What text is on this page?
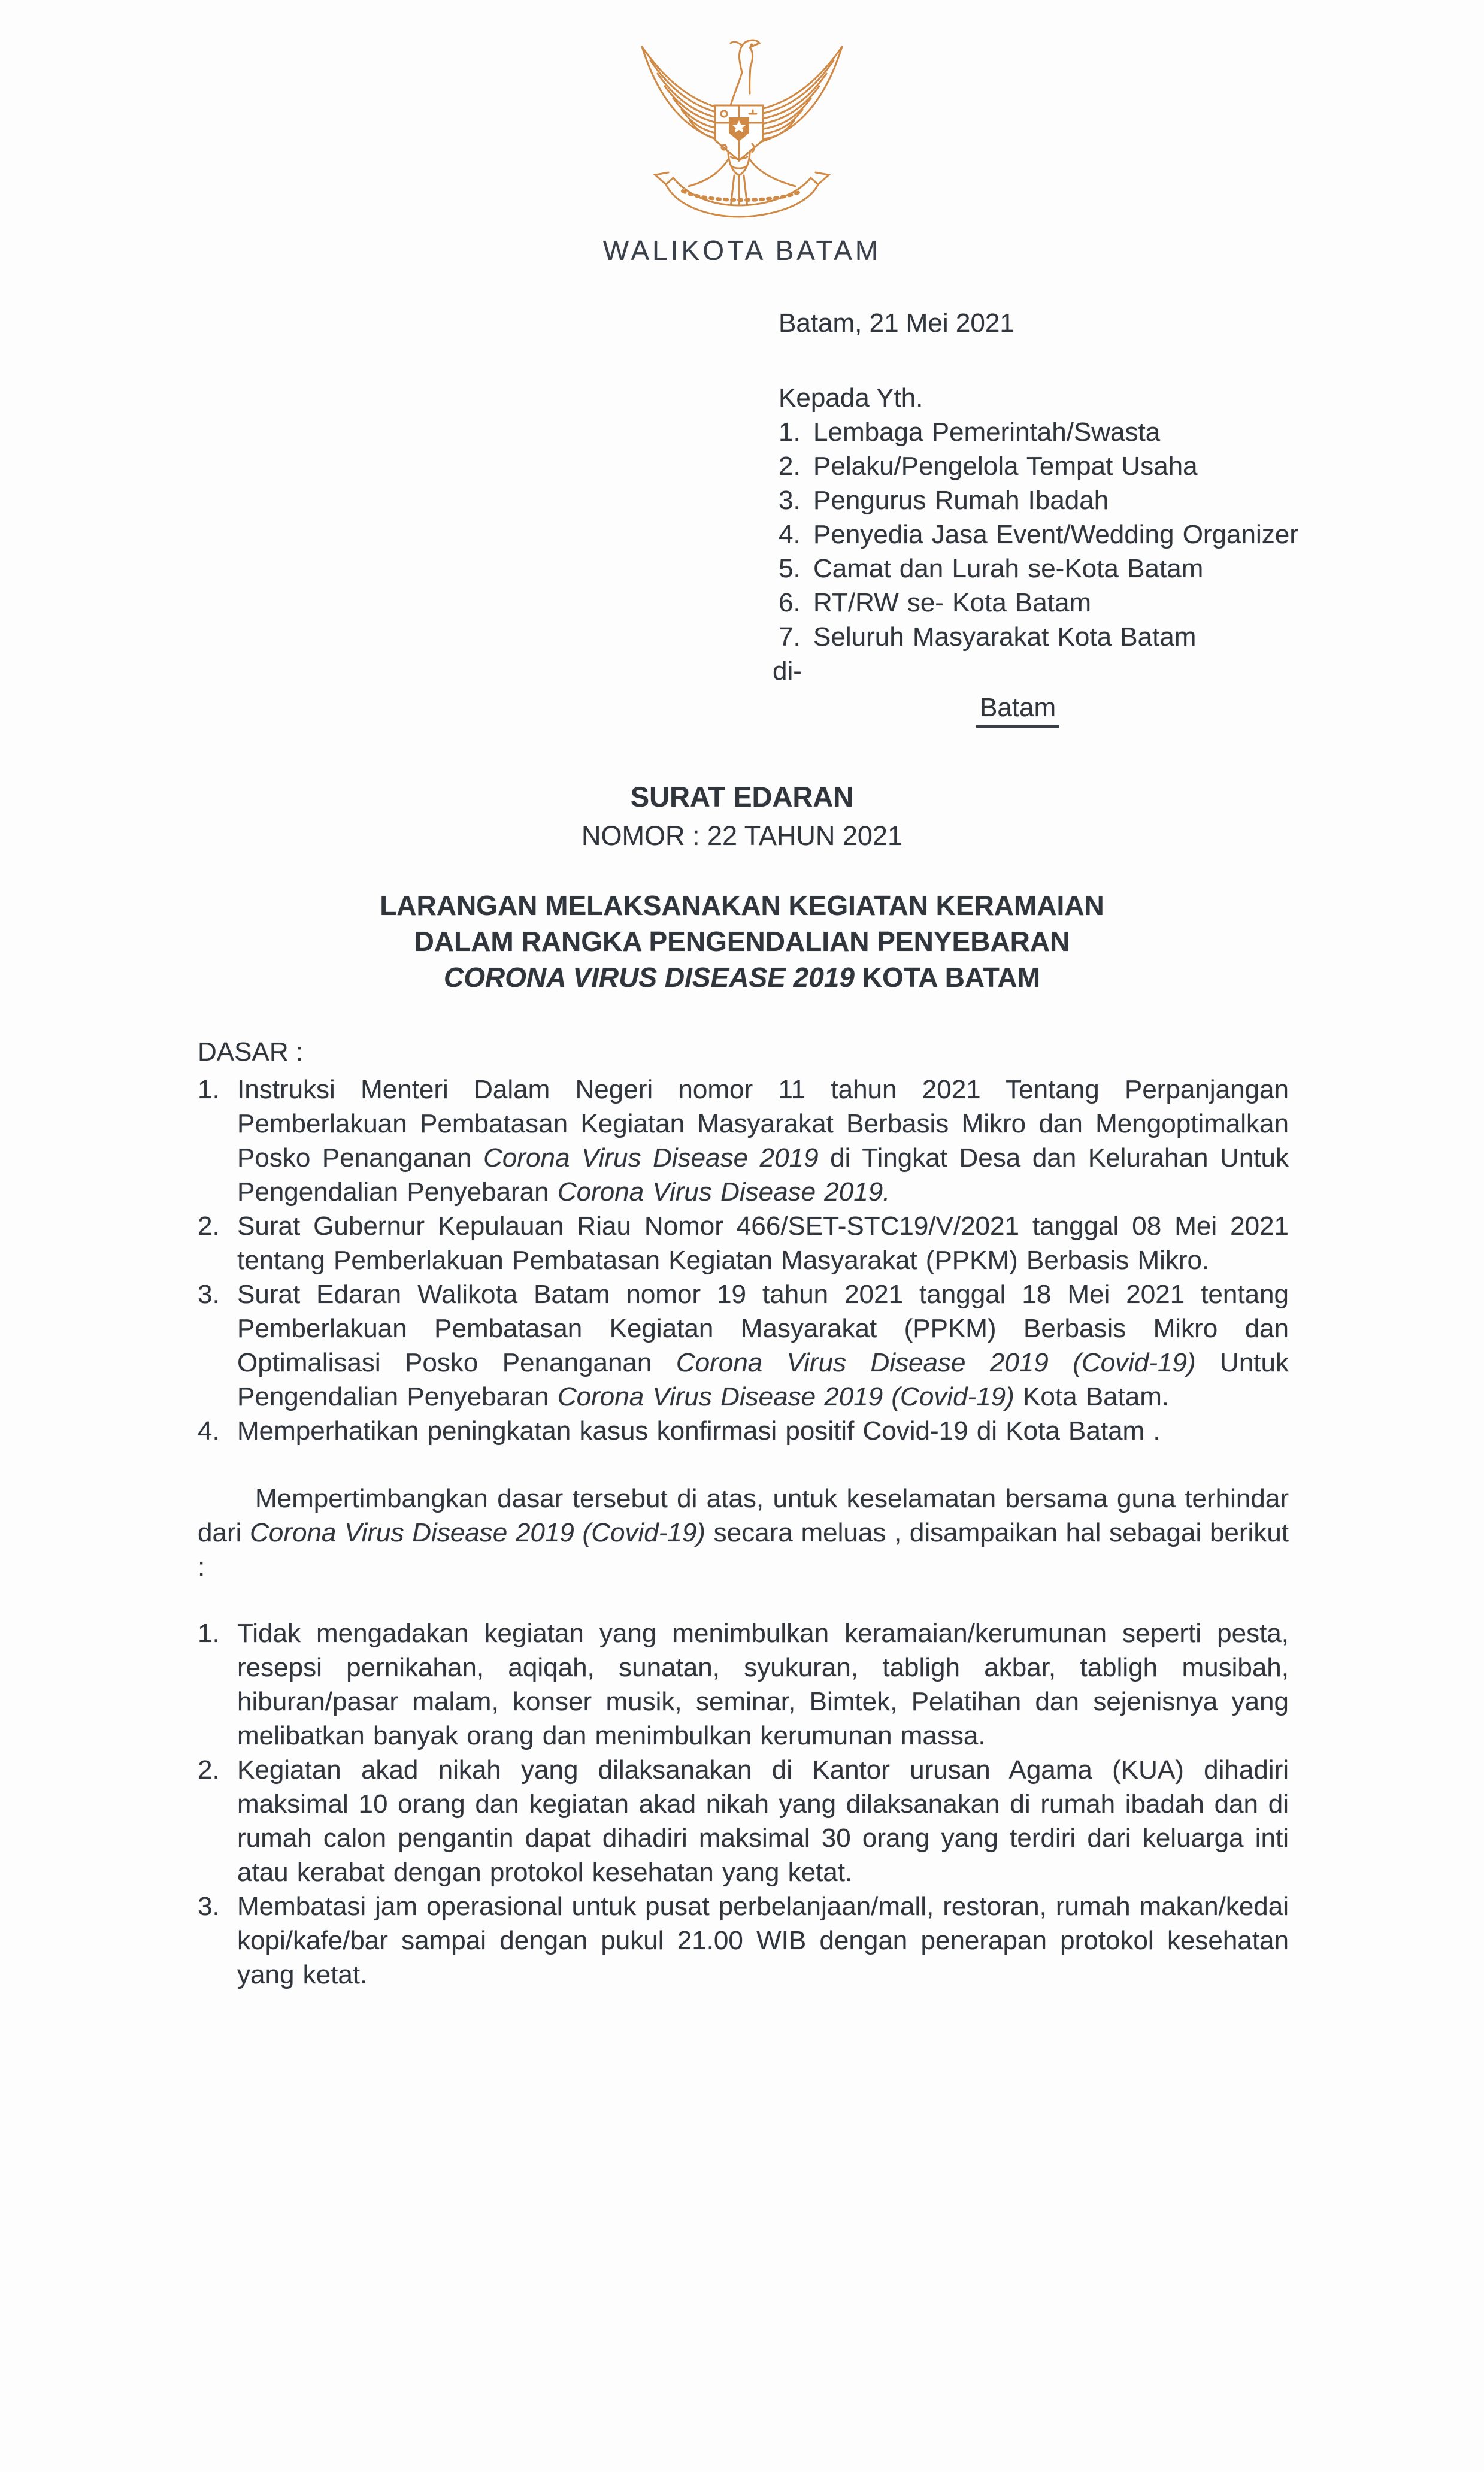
WALIKOTA BATAM
Batam, 21 Mei 2021
Kepada Yth.
1. Lembaga Pemerintah/Swasta
2. Pelaku/Pengelola Tempat Usaha
3. Pengurus Rumah Ibadah
4. Penyedia Jasa Event/Wedding Organizer
5. Camat dan Lurah se-Kota Batam
6. RT/RW se- Kota Batam
7. Seluruh Masyarakat Kota Batam
di-
Batam
SURAT EDARAN
NOMOR : 22 TAHUN 2021
LARANGAN MELAKSANAKAN KEGIATAN KERAMAIAN
DALAM RANGKA PENGENDALIAN PENYEBARAN
CORONA VIRUS DISEASE 2019 KOTA BATAM
DASAR :
1. Instruksi Menteri Dalam Negeri nomor 11 tahun 2021 Tentang Perpanjangan Pemberlakuan Pembatasan Kegiatan Masyarakat Berbasis Mikro dan Mengoptimalkan Posko Penanganan Corona Virus Disease 2019 di Tingkat Desa dan Kelurahan Untuk Pengendalian Penyebaran Corona Virus Disease 2019.
2. Surat Gubernur Kepulauan Riau Nomor 466/SET-STC19/V/2021 tanggal 08 Mei 2021 tentang Pemberlakuan Pembatasan Kegiatan Masyarakat (PPKM) Berbasis Mikro.
3. Surat Edaran Walikota Batam nomor 19 tahun 2021 tanggal 18 Mei 2021 tentang Pemberlakuan Pembatasan Kegiatan Masyarakat (PPKM) Berbasis Mikro dan Optimalisasi Posko Penanganan Corona Virus Disease 2019 (Covid-19) Untuk Pengendalian Penyebaran Corona Virus Disease 2019 (Covid-19) Kota Batam.
4. Memperhatikan peningkatan kasus konfirmasi positif Covid-19 di Kota Batam .

Mempertimbangkan dasar tersebut di atas, untuk keselamatan bersama guna terhindar dari Corona Virus Disease 2019 (Covid-19) secara meluas , disampaikan hal sebagai berikut :

1. Tidak mengadakan kegiatan yang menimbulkan keramaian/kerumunan seperti pesta, resepsi pernikahan, aqiqah, sunatan, syukuran, tabligh akbar, tabligh musibah, hiburan/pasar malam, konser musik, seminar, Bimtek, Pelatihan dan sejenisnya yang melibatkan banyak orang dan menimbulkan kerumunan massa.
2. Kegiatan akad nikah yang dilaksanakan di Kantor urusan Agama (KUA) dihadiri maksimal 10 orang dan kegiatan akad nikah yang dilaksanakan di rumah ibadah dan di rumah calon pengantin dapat dihadiri maksimal 30 orang yang terdiri dari keluarga inti atau kerabat dengan protokol kesehatan yang ketat.
3. Membatasi jam operasional untuk pusat perbelanjaan/mall, restoran, rumah makan/kedai kopi/kafe/bar sampai dengan pukul 21.00 WIB dengan penerapan protokol kesehatan yang ketat.
